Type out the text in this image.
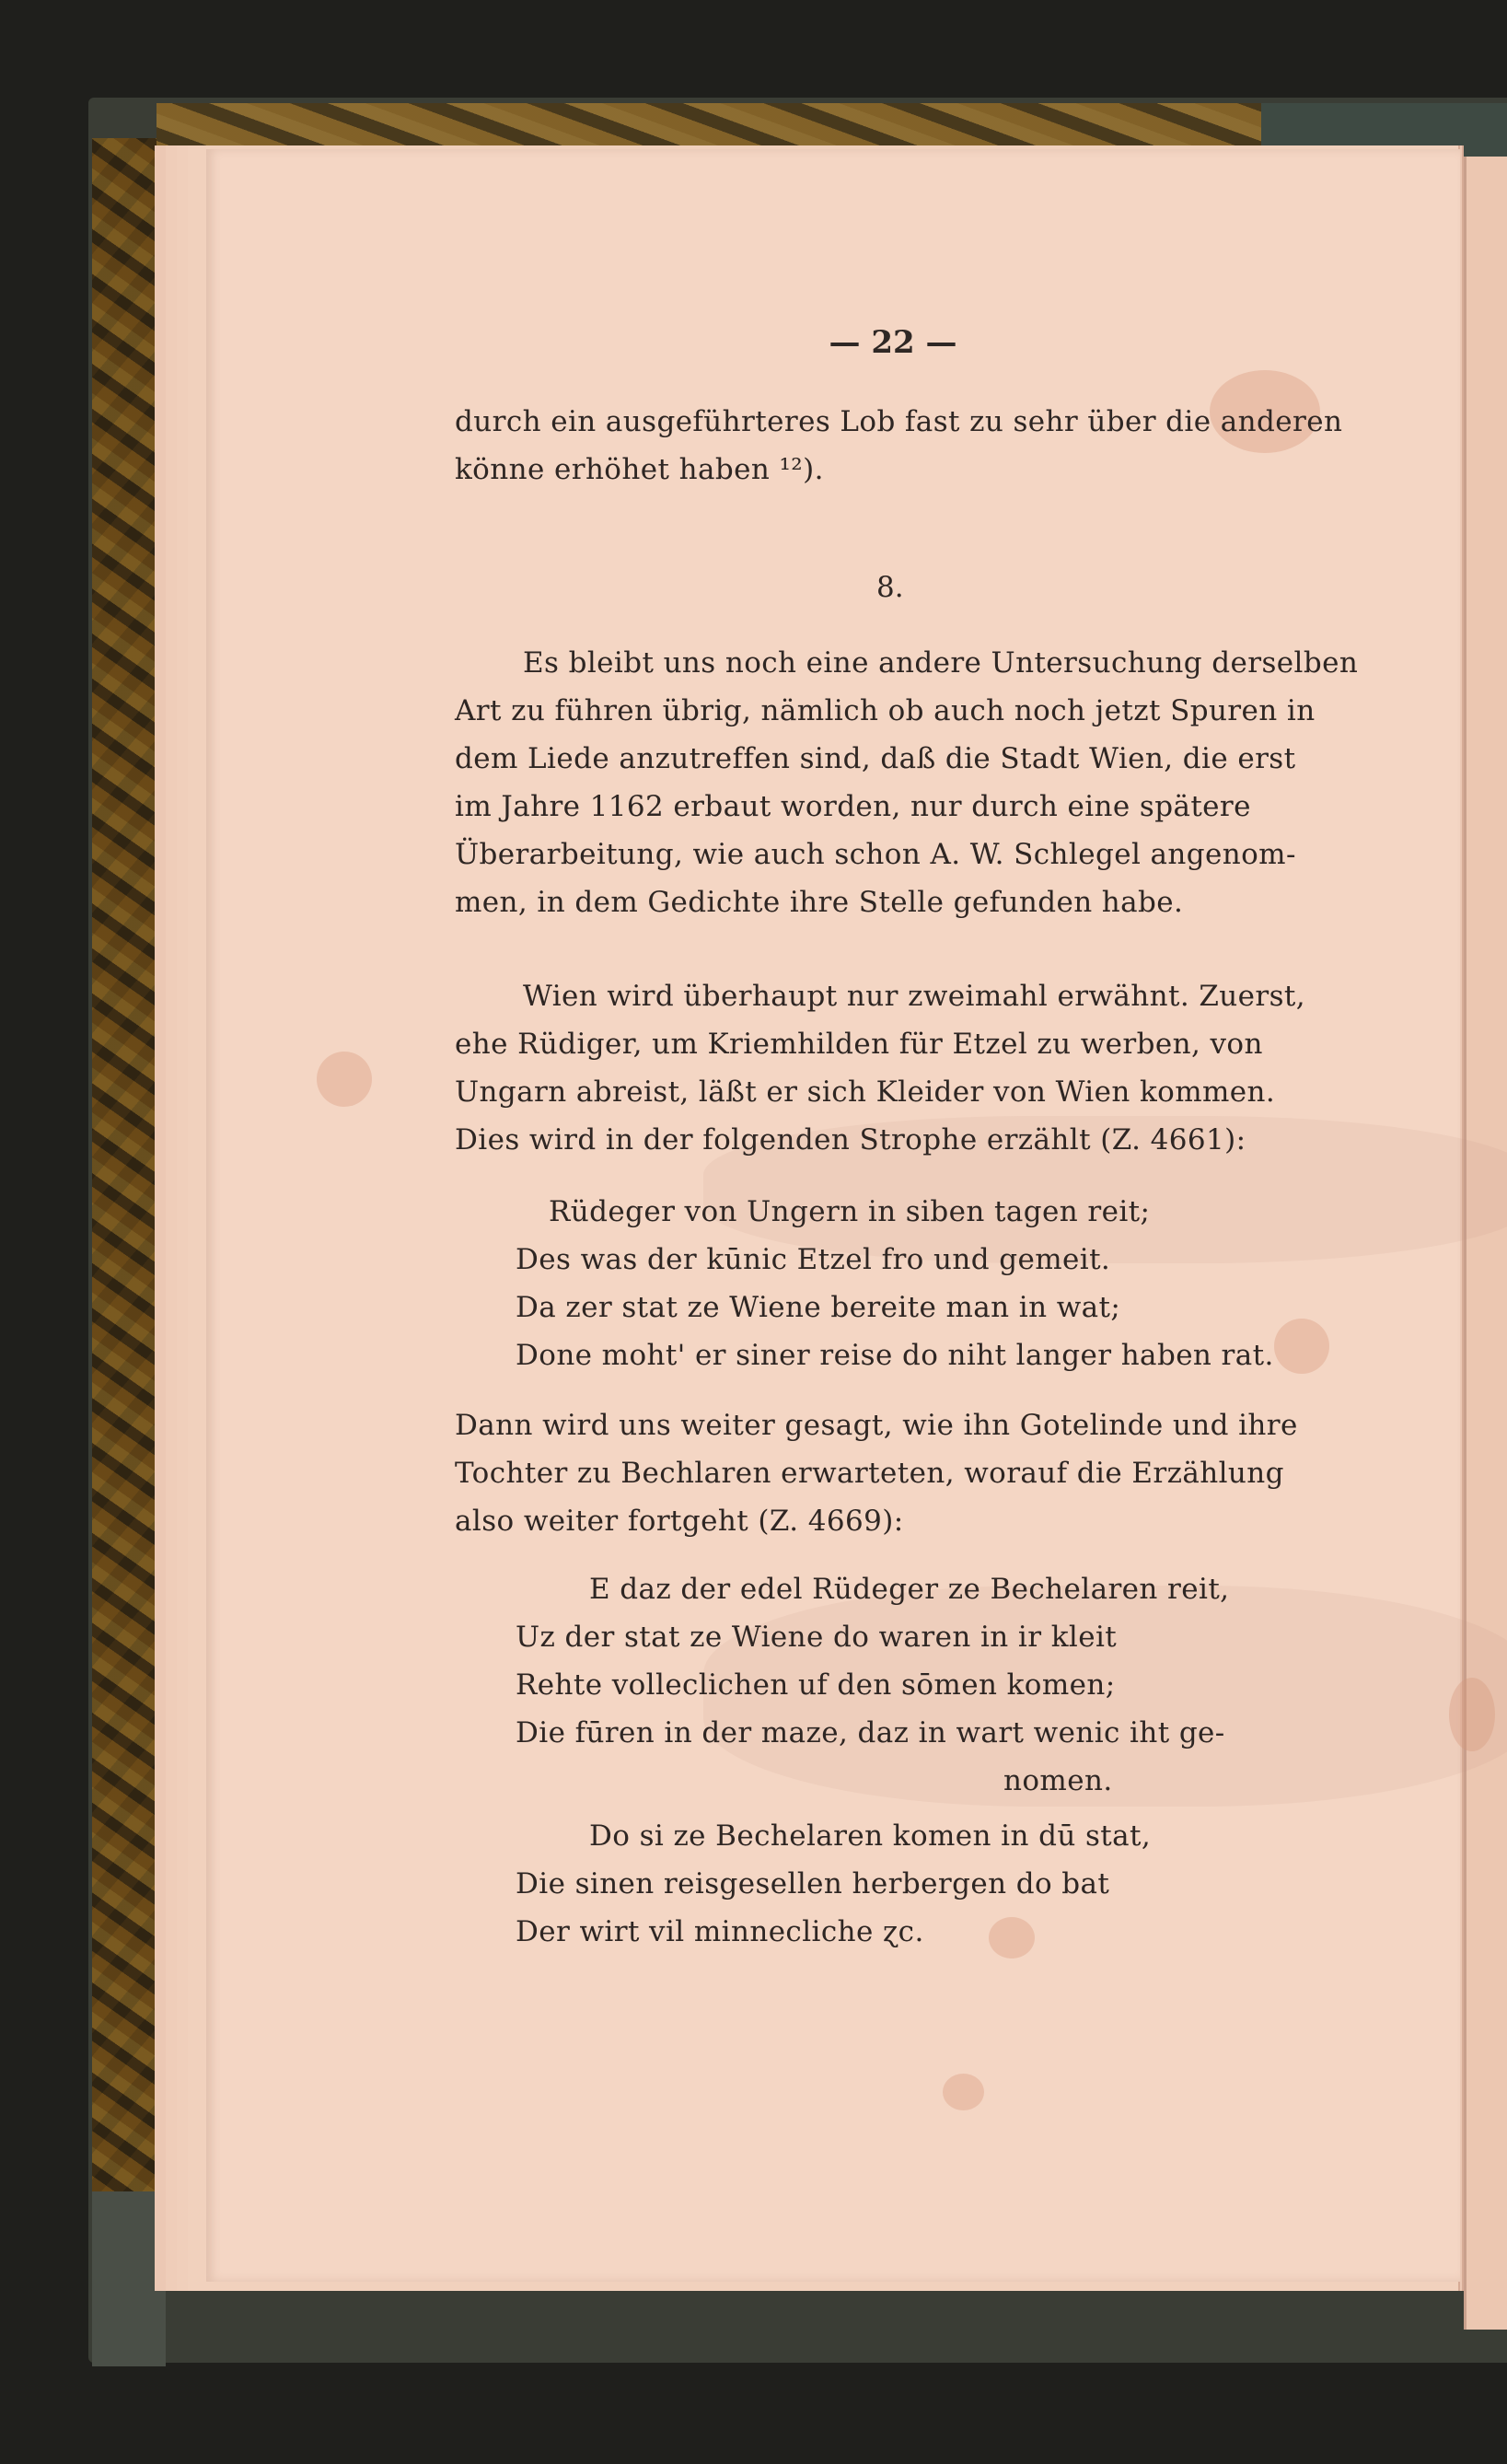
— 22 —
durch ein ausgeführteres Lob fast zu sehr über die anderen
könne erhöhet haben ¹²).
8.
Es bleibt uns noch eine andere Untersuchung derselben
Art zu führen übrig, nämlich ob auch noch jetzt Spuren in
dem Liede anzutreffen sind, daß die Stadt Wien, die erst
im Jahre 1162 erbaut worden, nur durch eine spätere
Überarbeitung, wie auch schon A. W. Schlegel angenom-
men, in dem Gedichte ihre Stelle gefunden habe.
Wien wird überhaupt nur zweimahl erwähnt. Zuerst,
ehe Rüdiger, um Kriemhilden für Etzel zu werben, von
Ungarn abreist, läßt er sich Kleider von Wien kommen.
Dies wird in der folgenden Strophe erzählt (Z. 4661):
Rüdeger von Ungern in siben tagen reit;
Des was der kūnic Etzel fro und gemeit.
Da zer stat ze Wiene bereite man in wat;
Done moht' er siner reise do niht langer haben rat.
Dann wird uns weiter gesagt, wie ihn Gotelinde und ihre
Tochter zu Bechlaren erwarteten, worauf die Erzählung
also weiter fortgeht (Z. 4669):
E daz der edel Rüdeger ze Bechelaren reit,
Uz der stat ze Wiene do waren in ir kleit
Rehte volleclichen uf den sōmen komen;
Die fūren in der maze, daz in wart wenic iht ge-
nomen.
Do si ze Bechelaren komen in dū stat,
Die sinen reisgesellen herbergen do bat
Der wirt vil minnecliche ɀc.
